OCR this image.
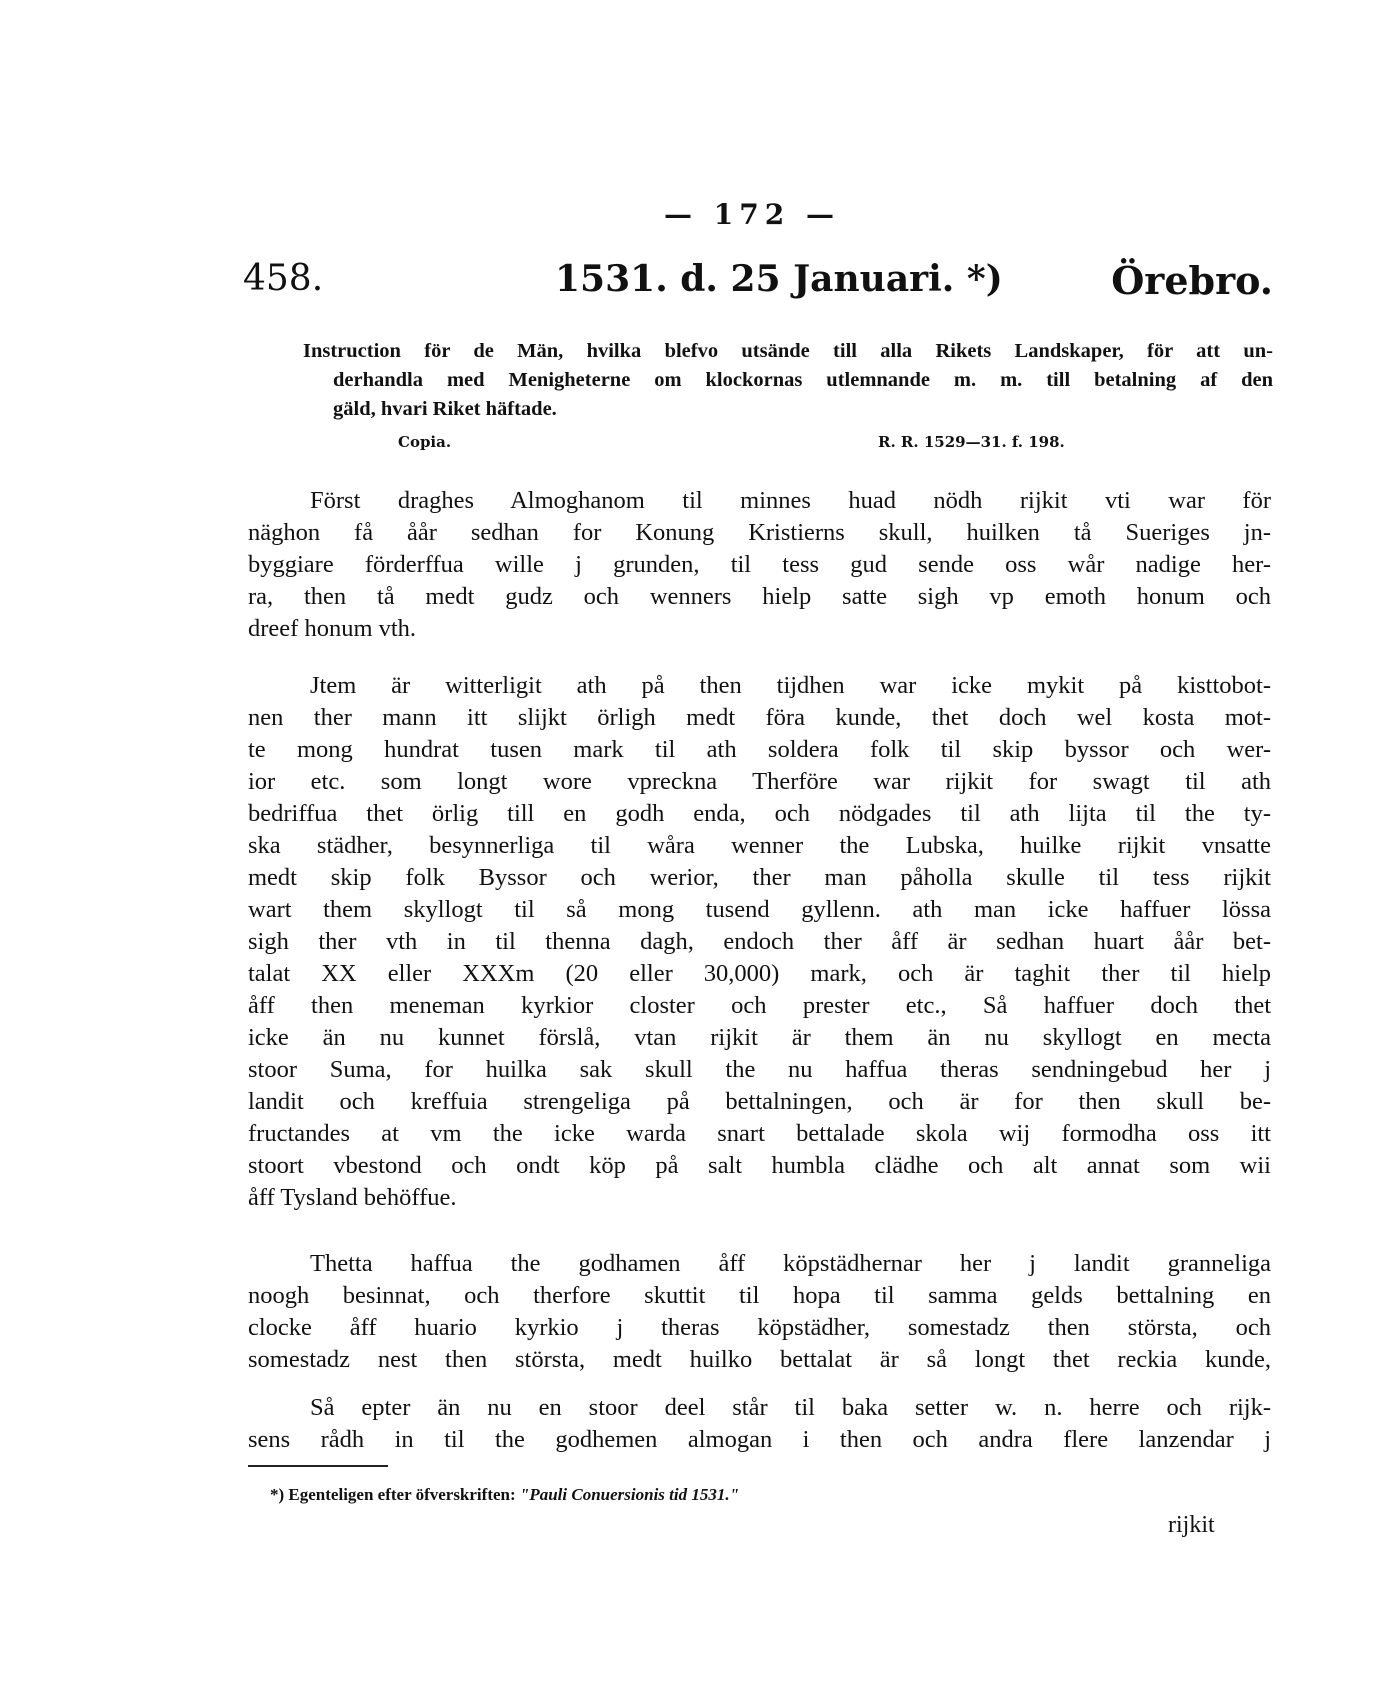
— 172 —
458.	1531. d. 25 Januari. *)	Örebro.
Instruction för de Män, hvilka blefvo utsände till alla Rikets Landskaper, för att un-
derhandla med Menigheterne om klockornas utlemnande m. m. till betalning af den
gäld, hvari Riket häftade.
Copia.	R. R. 1529—31. f. 198.
Först draghes Almoghanom til minnes huad nödh rijkit vti war för
näghon få åår sedhan for Konung Kristierns skull, huilken tå Sueriges jn-
byggiare förderffua wille j grunden, til tess gud sende oss wår nadige her-
ra, then tå medt gudz och wenners hielp satte sigh vp emoth honum och
dreef honum vth.
Jtem är witterligit ath på then tijdhen war icke mykit på kisttobot-
nen ther mann itt slijkt örligh medt föra kunde, thet doch wel kosta mot-
te mong hundrat tusen mark til ath soldera folk til skip byssor och wer-
ior etc. som longt wore vpreckna Therföre war rijkit for swagt til ath
bedriffua thet örlig till en godh enda, och nödgades til ath lijta til the ty-
ska städher, besynnerliga til wåra wenner the Lubska, huilke rijkit vnsatte
medt skip folk Byssor och werior, ther man påholla skulle til tess rijkit
wart them skyllogt til så mong tusend gyllenn. ath man icke haffuer lössa
sigh ther vth in til thenna dagh, endoch ther åff är sedhan huart åår bet-
talat XX eller XXXm (20 eller 30,000) mark, och är taghit ther til hielp
åff then meneman kyrkior closter och prester etc., Så haffuer doch thet
icke än nu kunnet förslå, vtan rijkit är them än nu skyllogt en mecta
stoor Suma, for huilka sak skull the nu haffua theras sendningebud her j
landit och kreffuia strengeliga på bettalningen, och är for then skull be-
fructandes at vm the icke warda snart bettalade skola wij formodha oss itt
stoort vbestond och ondt köp på salt humbla clädhe och alt annat som wii
åff Tysland behöffue.
Thetta haffua the godhamen åff köpstädhernar her j landit granneliga
noogh besinnat, och therfore skuttit til hopa til samma gelds bettalning en
clocke åff huario kyrkio j theras köpstädher, somestadz then största, och
somestadz nest then största, medt huilko bettalat är så longt thet reckia kunde,
Så epter än nu en stoor deel står til baka setter w. n. herre och rijk-
sens rådh in til the godhemen almogan i then och andra flere lanzendar j
*) Egenteligen efter öfverskriften: "Pauli Conuersionis tid 1531."
rijkit
